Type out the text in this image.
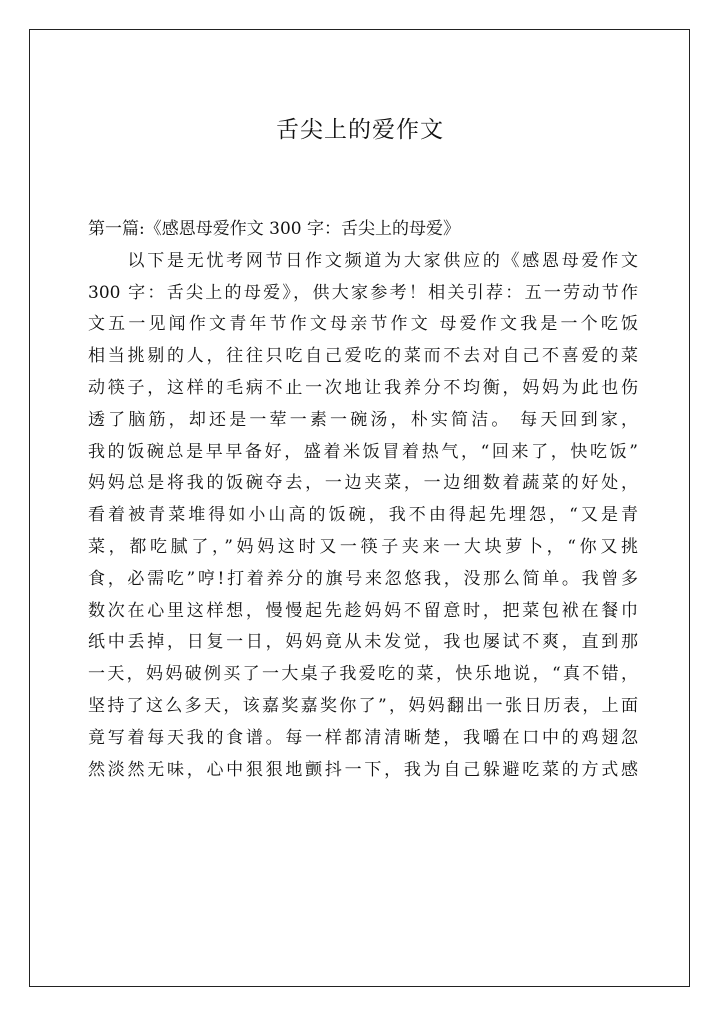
舌尖上的爱作文
第一篇:《感恩母爱作文 300 字：舌尖上的母爱》
　　以下是无忧考网节日作文频道为大家供应的《感恩母爱作文
300 字：舌尖上的母爱》，供大家参考！相关引荐：五一劳动节作
文五一见闻作文青年节作文母亲节作文 母爱作文我是一个吃饭
相当挑剔的人，往往只吃自己爱吃的菜而不去对自己不喜爱的菜
动筷子，这样的毛病不止一次地让我养分不均衡，妈妈为此也伤
透了脑筋，却还是一荤一素一碗汤，朴实简洁。 每天回到家，
我的饭碗总是早早备好，盛着米饭冒着热气，“回来了，快吃饭”
妈妈总是将我的饭碗夺去，一边夹菜，一边细数着蔬菜的好处，
看着被青菜堆得如小山高的饭碗，我不由得起先埋怨，“又是青
菜，都吃腻了，”妈妈这时又一筷子夹来一大块萝卜，“你又挑
食，必需吃”哼!打着养分的旗号来忽悠我，没那么简单。我曾多
数次在心里这样想，慢慢起先趁妈妈不留意时，把菜包袱在餐巾
纸中丢掉，日复一日，妈妈竟从未发觉，我也屡试不爽，直到那
一天，妈妈破例买了一大桌子我爱吃的菜，快乐地说，“真不错，
坚持了这么多天，该嘉奖嘉奖你了”，妈妈翻出一张日历表，上面
竟写着每天我的食谱。每一样都清清晰楚，我嚼在口中的鸡翅忽
然淡然无味，心中狠狠地颤抖一下，我为自己躲避吃菜的方式感
